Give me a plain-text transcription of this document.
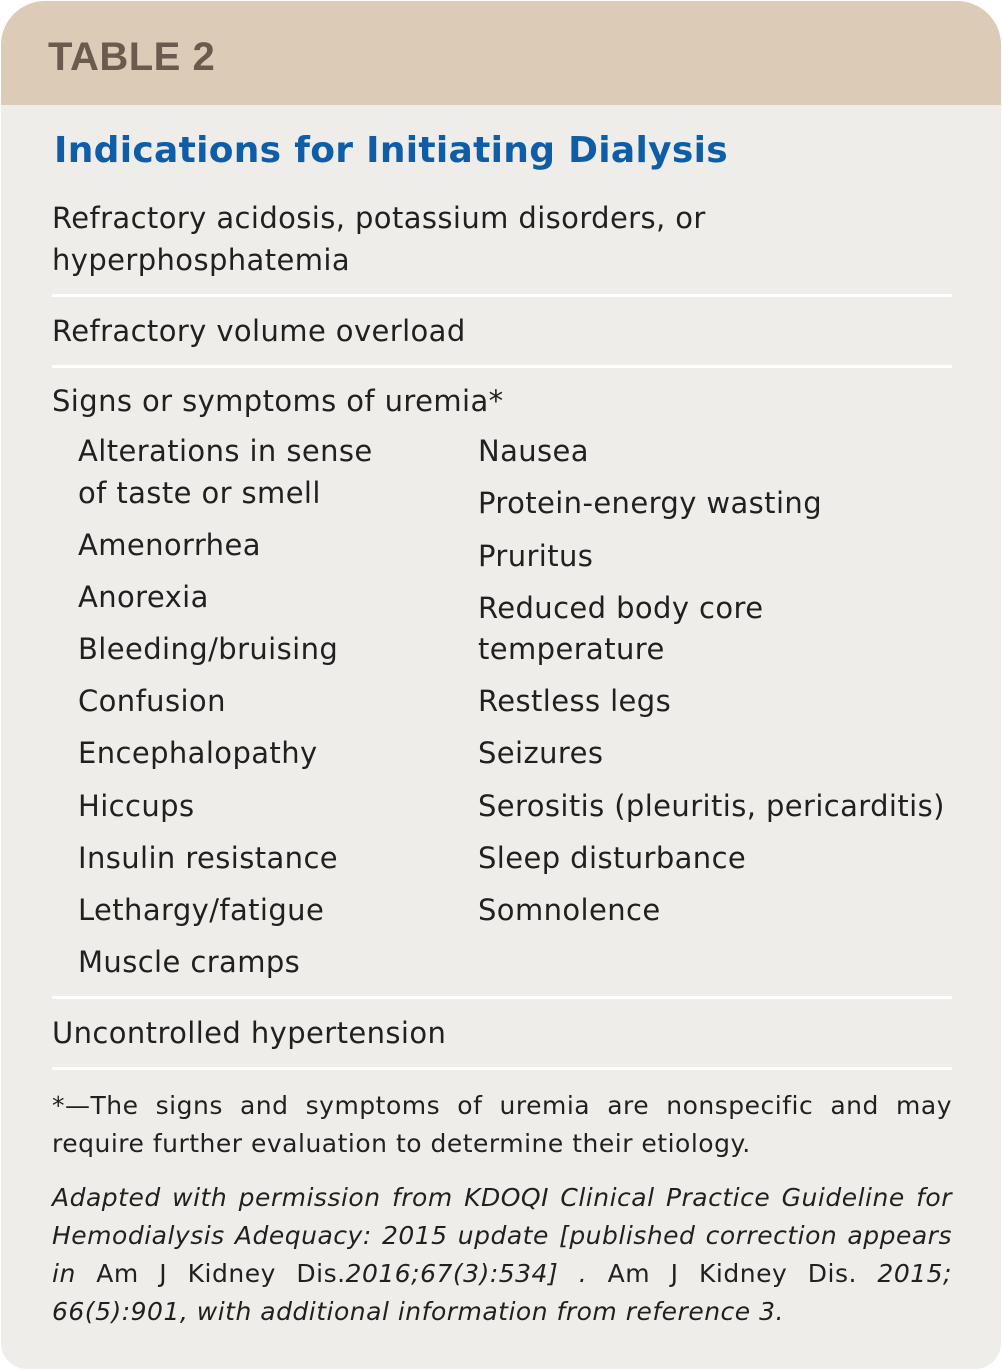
TABLE 2
Indications for Initiating Dialysis

Refractory acidosis, potassium disorders, or

hyperphosphatemia

Refractory volume overload

Signs or symptoms of uremia*

Alterations in sense

of taste or smell

Amenorrhea

Anorexia

Bleeding/bruising

Confusion

Encephalopathy

Hiccups

Insulin resistance

Lethargy/fatigue

Muscle cramps

Nausea

Protein-energy wasting

Pruritus

Reduced body core

temperature

Restless legs

Seizures

Serositis (pleuritis, pericarditis)

Sleep disturbance

Somnolence

Uncontrolled hypertension

*—The signs and symptoms of uremia are nonspecific and may require further evaluation to determine their etiology.

Adapted with permission from KDOQI Clinical Practice Guideline for Hemodialysis Adequacy: 2015 update [published correction appears in Am J Kidney Dis.2016;67(3):534] . Am J Kidney Dis. 2015; 66(5):901, with additional information from reference 3.
